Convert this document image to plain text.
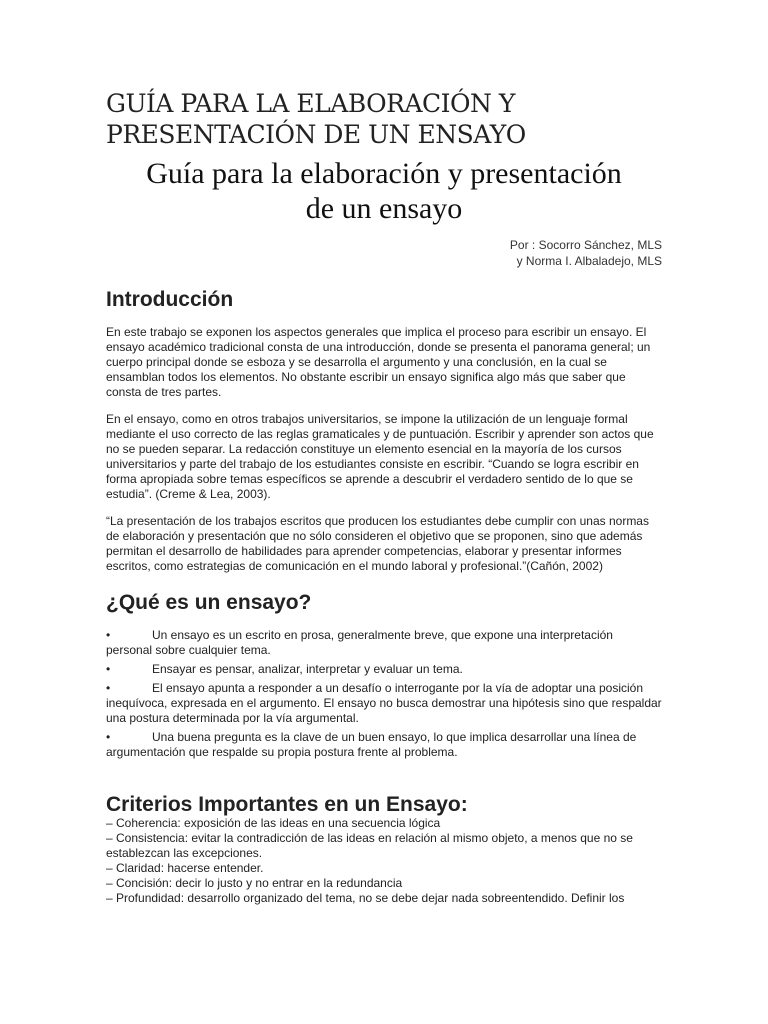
GUÍA PARA LA ELABORACIÓN Y
PRESENTACIÓN DE UN ENSAYO
Guía para la elaboración y presentación
de un ensayo
Por : Socorro Sánchez, MLS
y Norma I. Albaladejo, MLS
Introducción

En este trabajo se exponen los aspectos generales que implica el proceso para escribir un ensayo. El ensayo académico tradicional consta de una introducción, donde se presenta el panorama general; un cuerpo principal donde se esboza y se desarrolla el argumento y una conclusión, en la cual se ensamblan todos los elementos. No obstante escribir un ensayo significa algo más que saber que consta de tres partes.

En el ensayo, como en otros trabajos universitarios, se impone la utilización de un lenguaje formal mediante el uso correcto de las reglas gramaticales y de puntuación. Escribir y aprender son actos que no se pueden separar. La redacción constituye un elemento esencial en la mayoría de los cursos universitarios y parte del trabajo de los estudiantes consiste en escribir. “Cuando se logra escribir en forma apropiada sobre temas específicos se aprende a descubrir el verdadero sentido de lo que se estudia”. (Creme & Lea, 2003).

“La presentación de los trabajos escritos que producen los estudiantes debe cumplir con unas normas de elaboración y presentación que no sólo consideren el objetivo que se proponen, sino que además permitan el desarrollo de habilidades para aprender competencias, elaborar y presentar informes escritos, como estrategias de comunicación en el mundo laboral y profesional.”(Cañón, 2002)

¿Qué es un ensayo?
•	Un ensayo es un escrito en prosa, generalmente breve, que expone una interpretación personal sobre cualquier tema.
•	Ensayar es pensar, analizar, interpretar y evaluar un tema.
•	El ensayo apunta a responder a un desafío o interrogante por la vía de adoptar una posición inequívoca, expresada en el argumento. El ensayo no busca demostrar una hipótesis sino que respaldar una postura determinada por la vía argumental.
•	Una buena pregunta es la clave de un buen ensayo, lo que implica desarrollar una línea de argumentación que respalde su propia postura frente al problema.
Criterios Importantes en un Ensayo:
– Coherencia: exposición de las ideas en una secuencia lógica
– Consistencia: evitar la contradicción de las ideas en relación al mismo objeto, a menos que no se establezcan las excepciones.
– Claridad: hacerse entender.
– Concisión: decir lo justo y no entrar en la redundancia
– Profundidad: desarrollo organizado del tema, no se debe dejar nada sobreentendido. Definir los
